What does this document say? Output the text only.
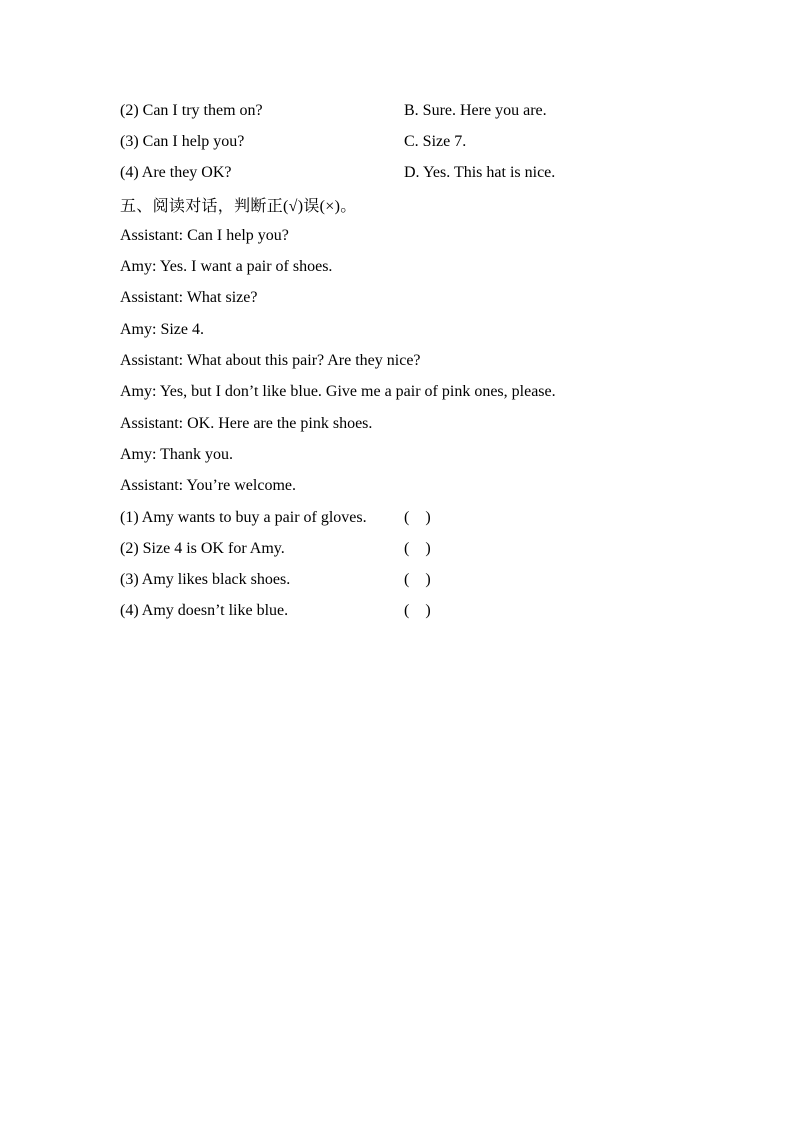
(2) Can I try them on?	B. Sure. Here you are.
(3) Can I help you?	C. Size 7.
(4) Are they OK?	D. Yes. This hat is nice.
五、阅读对话，判断正(√)误(×)。
Assistant: Can I help you?
Amy: Yes. I want a pair of shoes.
Assistant: What size?
Amy: Size 4.
Assistant: What about this pair? Are they nice?
Amy: Yes, but I don’t like blue. Give me a pair of pink ones, please.
Assistant: OK. Here are the pink shoes.
Amy: Thank you.
Assistant: You’re welcome.
(1) Amy wants to buy a pair of gloves.	(    )
(2) Size 4 is OK for Amy.	(    )
(3) Amy likes black shoes.	(    )
(4) Amy doesn’t like blue.	(    )
